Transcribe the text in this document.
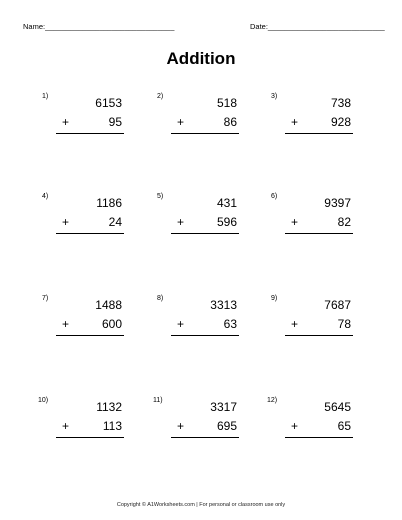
Name:_______________________________	Date:____________________________
Addition
1)	6153
+	95
2)	518
+	86
3)	738
+	928
4)	1186
+	24
5)	431
+	596
6)	9397
+	82
7)	1488
+	600
8)	3313
+	63
9)	7687
+	78
10)	1132
+	113
11)	3317
+	695
12)	5645
+	65
Copyright © A1Worksheets.com | For personal or classroom use only
